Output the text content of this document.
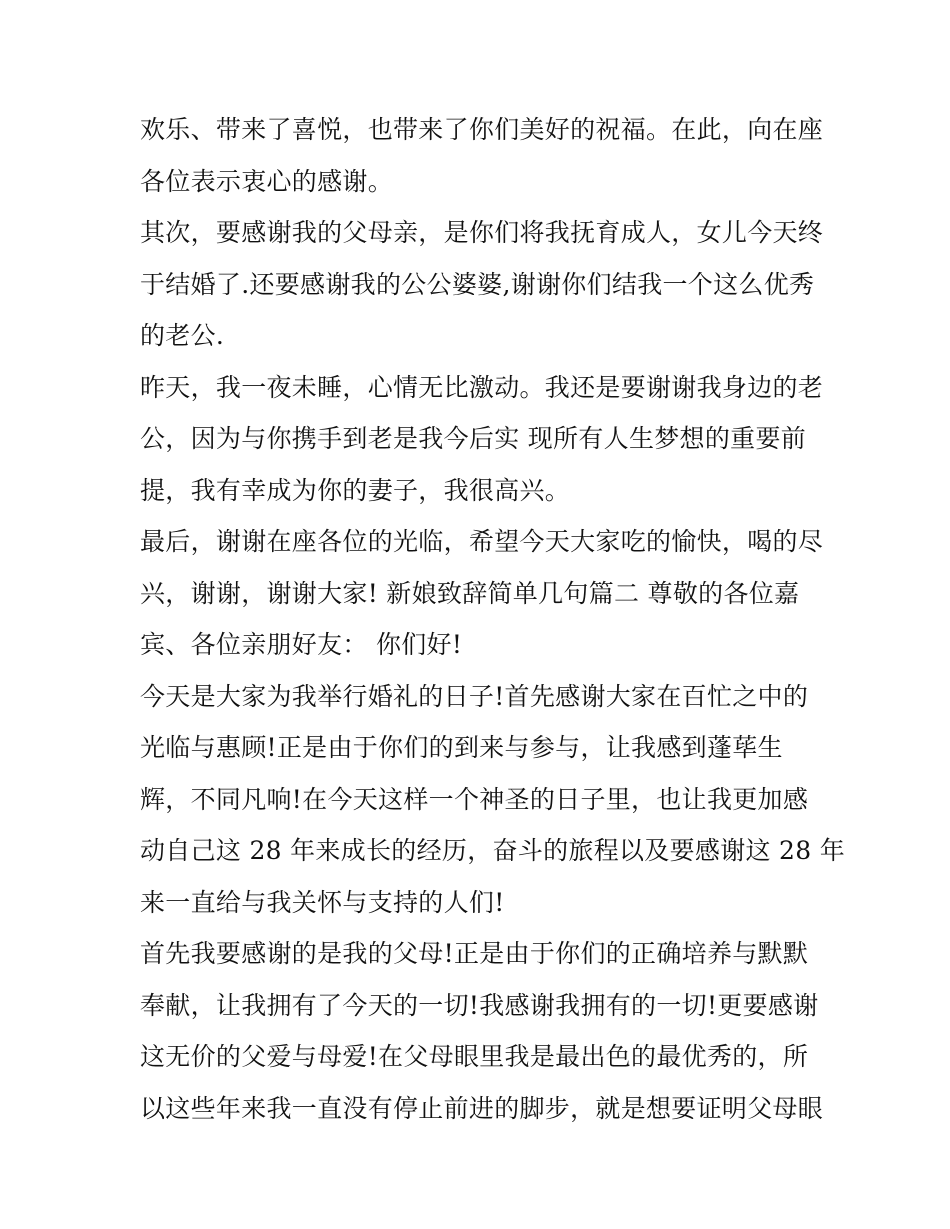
欢乐、带来了喜悦，也带来了你们美好的祝福。在此，向在座
各位表示衷心的感谢。
其次，要感谢我的父母亲，是你们将我抚育成人，女儿今天终
于结婚了.还要感谢我的公公婆婆,谢谢你们结我一个这么优秀
的老公.
昨天，我一夜未睡，心情无比激动。我还是要谢谢我身边的老
公，因为与你携手到老是我今后实 现所有人生梦想的重要前
提，我有幸成为你的妻子，我很高兴。
最后，谢谢在座各位的光临，希望今天大家吃的愉快，喝的尽
兴，谢谢，谢谢大家! 新娘致辞简单几句篇二 尊敬的各位嘉
宾、各位亲朋好友： 你们好!
今天是大家为我举行婚礼的日子!首先感谢大家在百忙之中的
光临与惠顾!正是由于你们的到来与参与，让我感到蓬荜生
辉，不同凡响!在今天这样一个神圣的日子里，也让我更加感
动自己这 28 年来成长的经历，奋斗的旅程以及要感谢这 28 年
来一直给与我关怀与支持的人们!
首先我要感谢的是我的父母!正是由于你们的正确培养与默默
奉献，让我拥有了今天的一切!我感谢我拥有的一切!更要感谢
这无价的父爱与母爱!在父母眼里我是最出色的最优秀的，所
以这些年来我一直没有停止前进的脚步，就是想要证明父母眼
